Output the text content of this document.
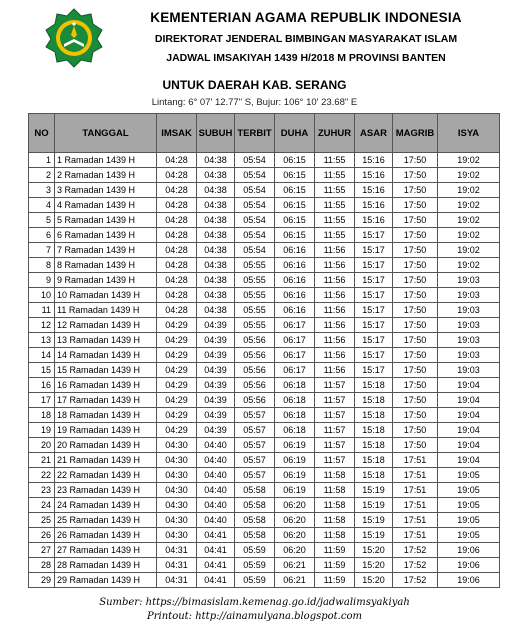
KEMENTERIAN AGAMA REPUBLIK INDONESIA
DIREKTORAT JENDERAL BIMBINGAN MASYARAKAT ISLAM
JADWAL IMSAKIYAH 1439 H/2018 M PROVINSI BANTEN
UNTUK DAERAH KAB. SERANG
Lintang: 6° 07' 12.77" S, Bujur: 106° 10' 23.68" E
NO	TANGGAL	IMSAK	SUBUH	TERBIT	DUHA	ZUHUR	ASAR	MAGRIB	ISYA
1	1 Ramadan 1439 H	04:28	04:38	05:54	06:15	11:55	15:16	17:50	19:02
2	2 Ramadan 1439 H	04:28	04:38	05:54	06:15	11:55	15:16	17:50	19:02
3	3 Ramadan 1439 H	04:28	04:38	05:54	06:15	11:55	15:16	17:50	19:02
4	4 Ramadan 1439 H	04:28	04:38	05:54	06:15	11:55	15:16	17:50	19:02
5	5 Ramadan 1439 H	04:28	04:38	05:54	06:15	11:55	15:16	17:50	19:02
6	6 Ramadan 1439 H	04:28	04:38	05:54	06:15	11:55	15:17	17:50	19:02
7	7 Ramadan 1439 H	04:28	04:38	05:54	06:16	11:56	15:17	17:50	19:02
8	8 Ramadan 1439 H	04:28	04:38	05:55	06:16	11:56	15:17	17:50	19:02
9	9 Ramadan 1439 H	04:28	04:38	05:55	06:16	11:56	15:17	17:50	19:03
10	10 Ramadan 1439 H	04:28	04:38	05:55	06:16	11:56	15:17	17:50	19:03
11	11 Ramadan 1439 H	04:28	04:38	05:55	06:16	11:56	15:17	17:50	19:03
12	12 Ramadan 1439 H	04:29	04:39	05:55	06:17	11:56	15:17	17:50	19:03
13	13 Ramadan 1439 H	04:29	04:39	05:56	06:17	11:56	15:17	17:50	19:03
14	14 Ramadan 1439 H	04:29	04:39	05:56	06:17	11:56	15:17	17:50	19:03
15	15 Ramadan 1439 H	04:29	04:39	05:56	06:17	11:56	15:17	17:50	19:03
16	16 Ramadan 1439 H	04:29	04:39	05:56	06:18	11:57	15:18	17:50	19:04
17	17 Ramadan 1439 H	04:29	04:39	05:56	06:18	11:57	15:18	17:50	19:04
18	18 Ramadan 1439 H	04:29	04:39	05:57	06:18	11:57	15:18	17:50	19:04
19	19 Ramadan 1439 H	04:29	04:39	05:57	06:18	11:57	15:18	17:50	19:04
20	20 Ramadan 1439 H	04:30	04:40	05:57	06:19	11:57	15:18	17:50	19:04
21	21 Ramadan 1439 H	04:30	04:40	05:57	06:19	11:57	15:18	17:51	19:04
22	22 Ramadan 1439 H	04:30	04:40	05:57	06:19	11:58	15:18	17:51	19:05
23	23 Ramadan 1439 H	04:30	04:40	05:58	06:19	11:58	15:19	17:51	19:05
24	24 Ramadan 1439 H	04:30	04:40	05:58	06:20	11:58	15:19	17:51	19:05
25	25 Ramadan 1439 H	04:30	04:40	05:58	06:20	11:58	15:19	17:51	19:05
26	26 Ramadan 1439 H	04:30	04:41	05:58	06:20	11:58	15:19	17:51	19:05
27	27 Ramadan 1439 H	04:31	04:41	05:59	06:20	11:59	15:20	17:52	19:06
28	28 Ramadan 1439 H	04:31	04:41	05:59	06:21	11:59	15:20	17:52	19:06
29	29 Ramadan 1439 H	04:31	04:41	05:59	06:21	11:59	15:20	17:52	19:06
Sumber: https://bimasislam.kemenag.go.id/jadwalimsyakiyah
Printout: http://ainamulyana.blogspot.com
